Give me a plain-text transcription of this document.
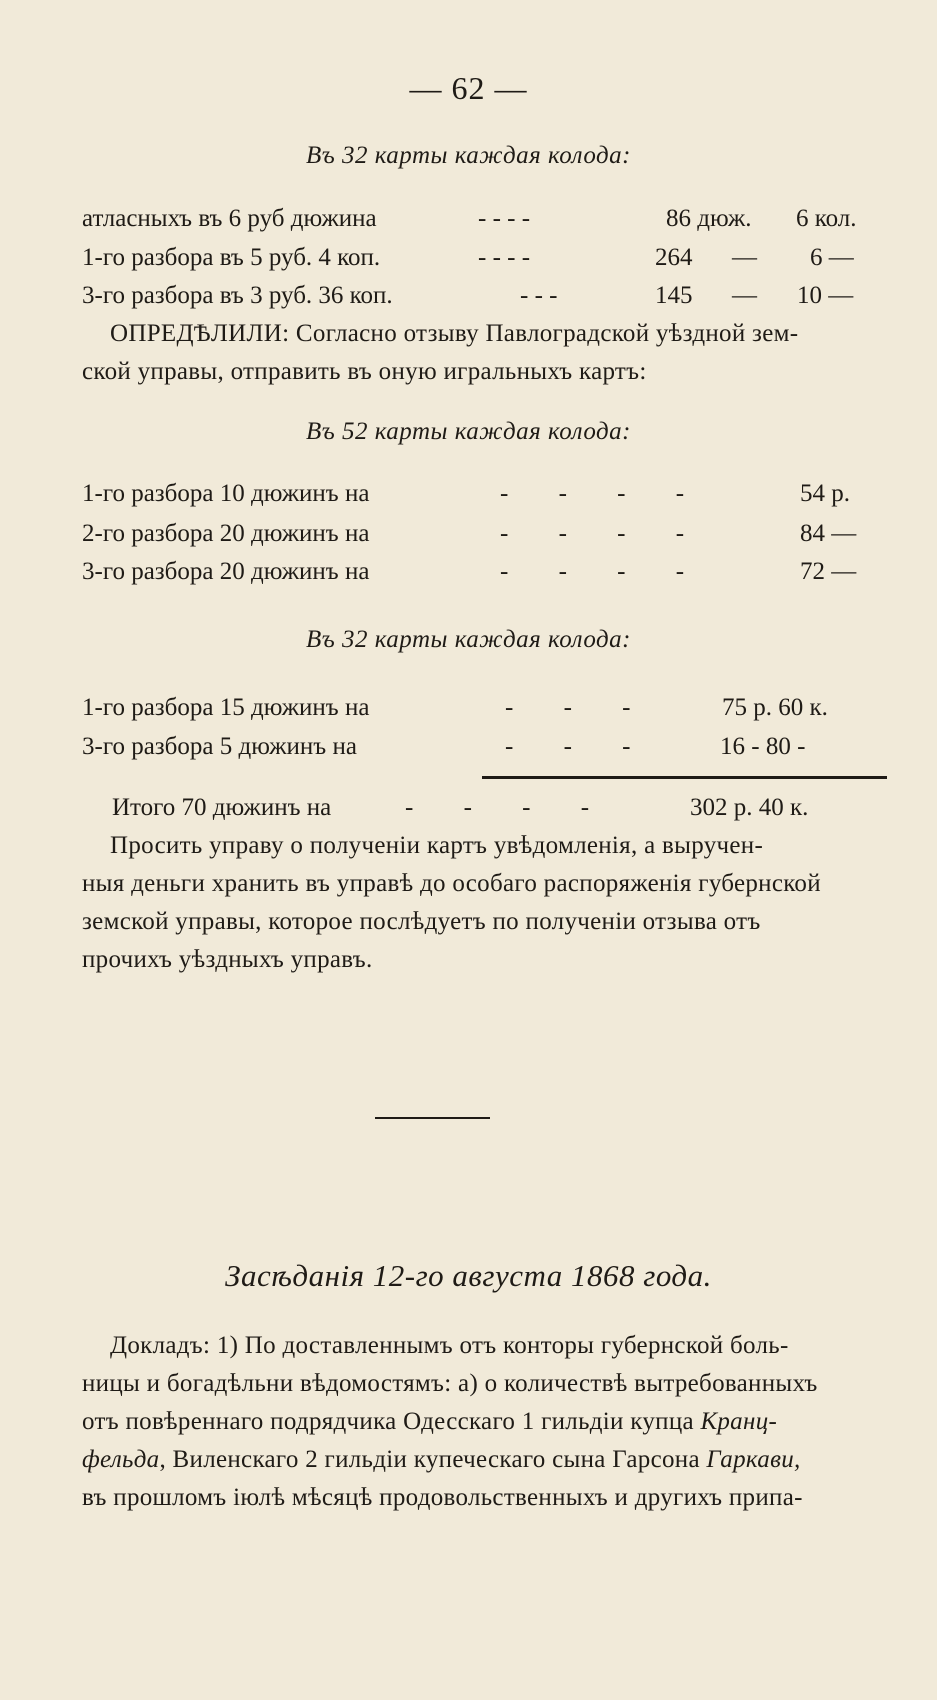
— 62 —
Въ 32 карты каждая колода:
атласныхъ въ 6 руб дюжина	- - - -	86 дюж. 6 кол.
1-го разбора въ 5 руб. 4 коп.	- - - -	264 — 6 —
3-го разбора въ 3 руб. 36 коп.	- - -	145 — 10 —
ОПРЕДѢЛИЛИ: Согласно отзыву Павлоградской уѣздной зем-
ской управы, отправить въ оную игральныхъ картъ:
Въ 52 карты каждая колода:
1-го разбора 10 дюжинъ на	- - - -	54 р.
2-го разбора 20 дюжинъ на	- - - -	84 —
3-го разбора 20 дюжинъ на	- - - -	72 —
Въ 32 карты каждая колода:
1-го разбора 15 дюжинъ на	- - -	75 р. 60 к.
3-го разбора 5 дюжинъ на	- - -	16 - 80 -
Итого 70 дюжинъ на	- - - -	302 р. 40 к.
Просить управу о полученіи картъ увѣдомленія, а выручен-
ныя деньги хранить въ управѣ до особаго распоряженія губернской
земской управы, которое послѣдуетъ по полученіи отзыва отъ
прочихъ уѣздныхъ управъ.
Засѣданія 12-го августа 1868 года.
Докладъ: 1) По доставленнымъ отъ конторы губернской боль-
ницы и богадѣльни вѣдомостямъ: а) о количествѣ вытребованныхъ
отъ повѣреннаго подрядчика Одесскаго 1 гильдіи купца Кранц-
фельда, Виленскаго 2 гильдіи купеческаго сына Гарсона Гаркави,
въ прошломъ іюлѣ мѣсяцѣ продовольственныхъ и другихъ припа-
